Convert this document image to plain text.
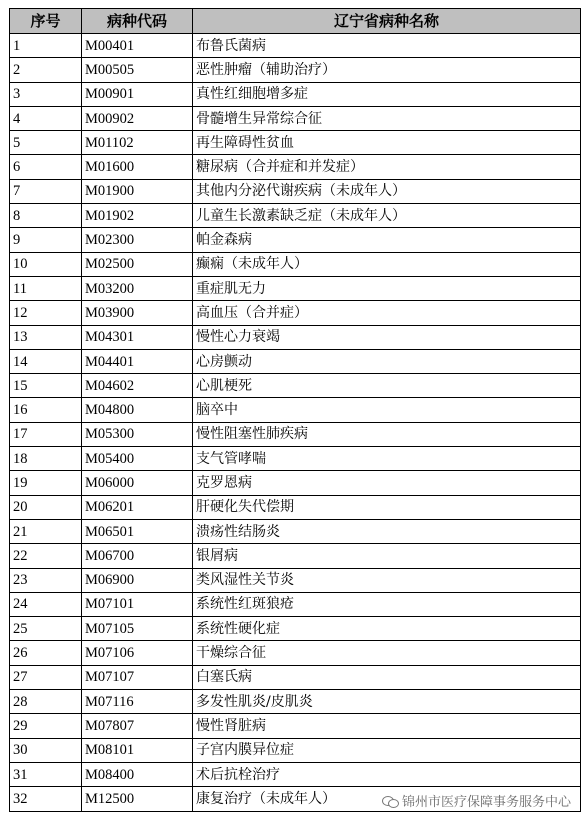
序号	病种代码	辽宁省病种名称
1	M00401	布鲁氏菌病
2	M00505	恶性肿瘤（辅助治疗）
3	M00901	真性红细胞增多症
4	M00902	骨髓增生异常综合征
5	M01102	再生障碍性贫血
6	M01600	糖尿病（合并症和并发症）
7	M01900	其他内分泌代谢疾病（未成年人）
8	M01902	儿童生长激素缺乏症（未成年人）
9	M02300	帕金森病
10	M02500	癫痫（未成年人）
11	M03200	重症肌无力
12	M03900	高血压（合并症）
13	M04301	慢性心力衰竭
14	M04401	心房颤动
15	M04602	心肌梗死
16	M04800	脑卒中
17	M05300	慢性阻塞性肺疾病
18	M05400	支气管哮喘
19	M06000	克罗恩病
20	M06201	肝硬化失代偿期
21	M06501	溃疡性结肠炎
22	M06700	银屑病
23	M06900	类风湿性关节炎
24	M07101	系统性红斑狼疮
25	M07105	系统性硬化症
26	M07106	干燥综合征
27	M07107	白塞氏病
28	M07116	多发性肌炎/皮肌炎
29	M07807	慢性肾脏病
30	M08101	子宫内膜异位症
31	M08400	术后抗栓治疗
32	M12500	康复治疗（未成年人）	锦州市医疗保障事务服务中心
